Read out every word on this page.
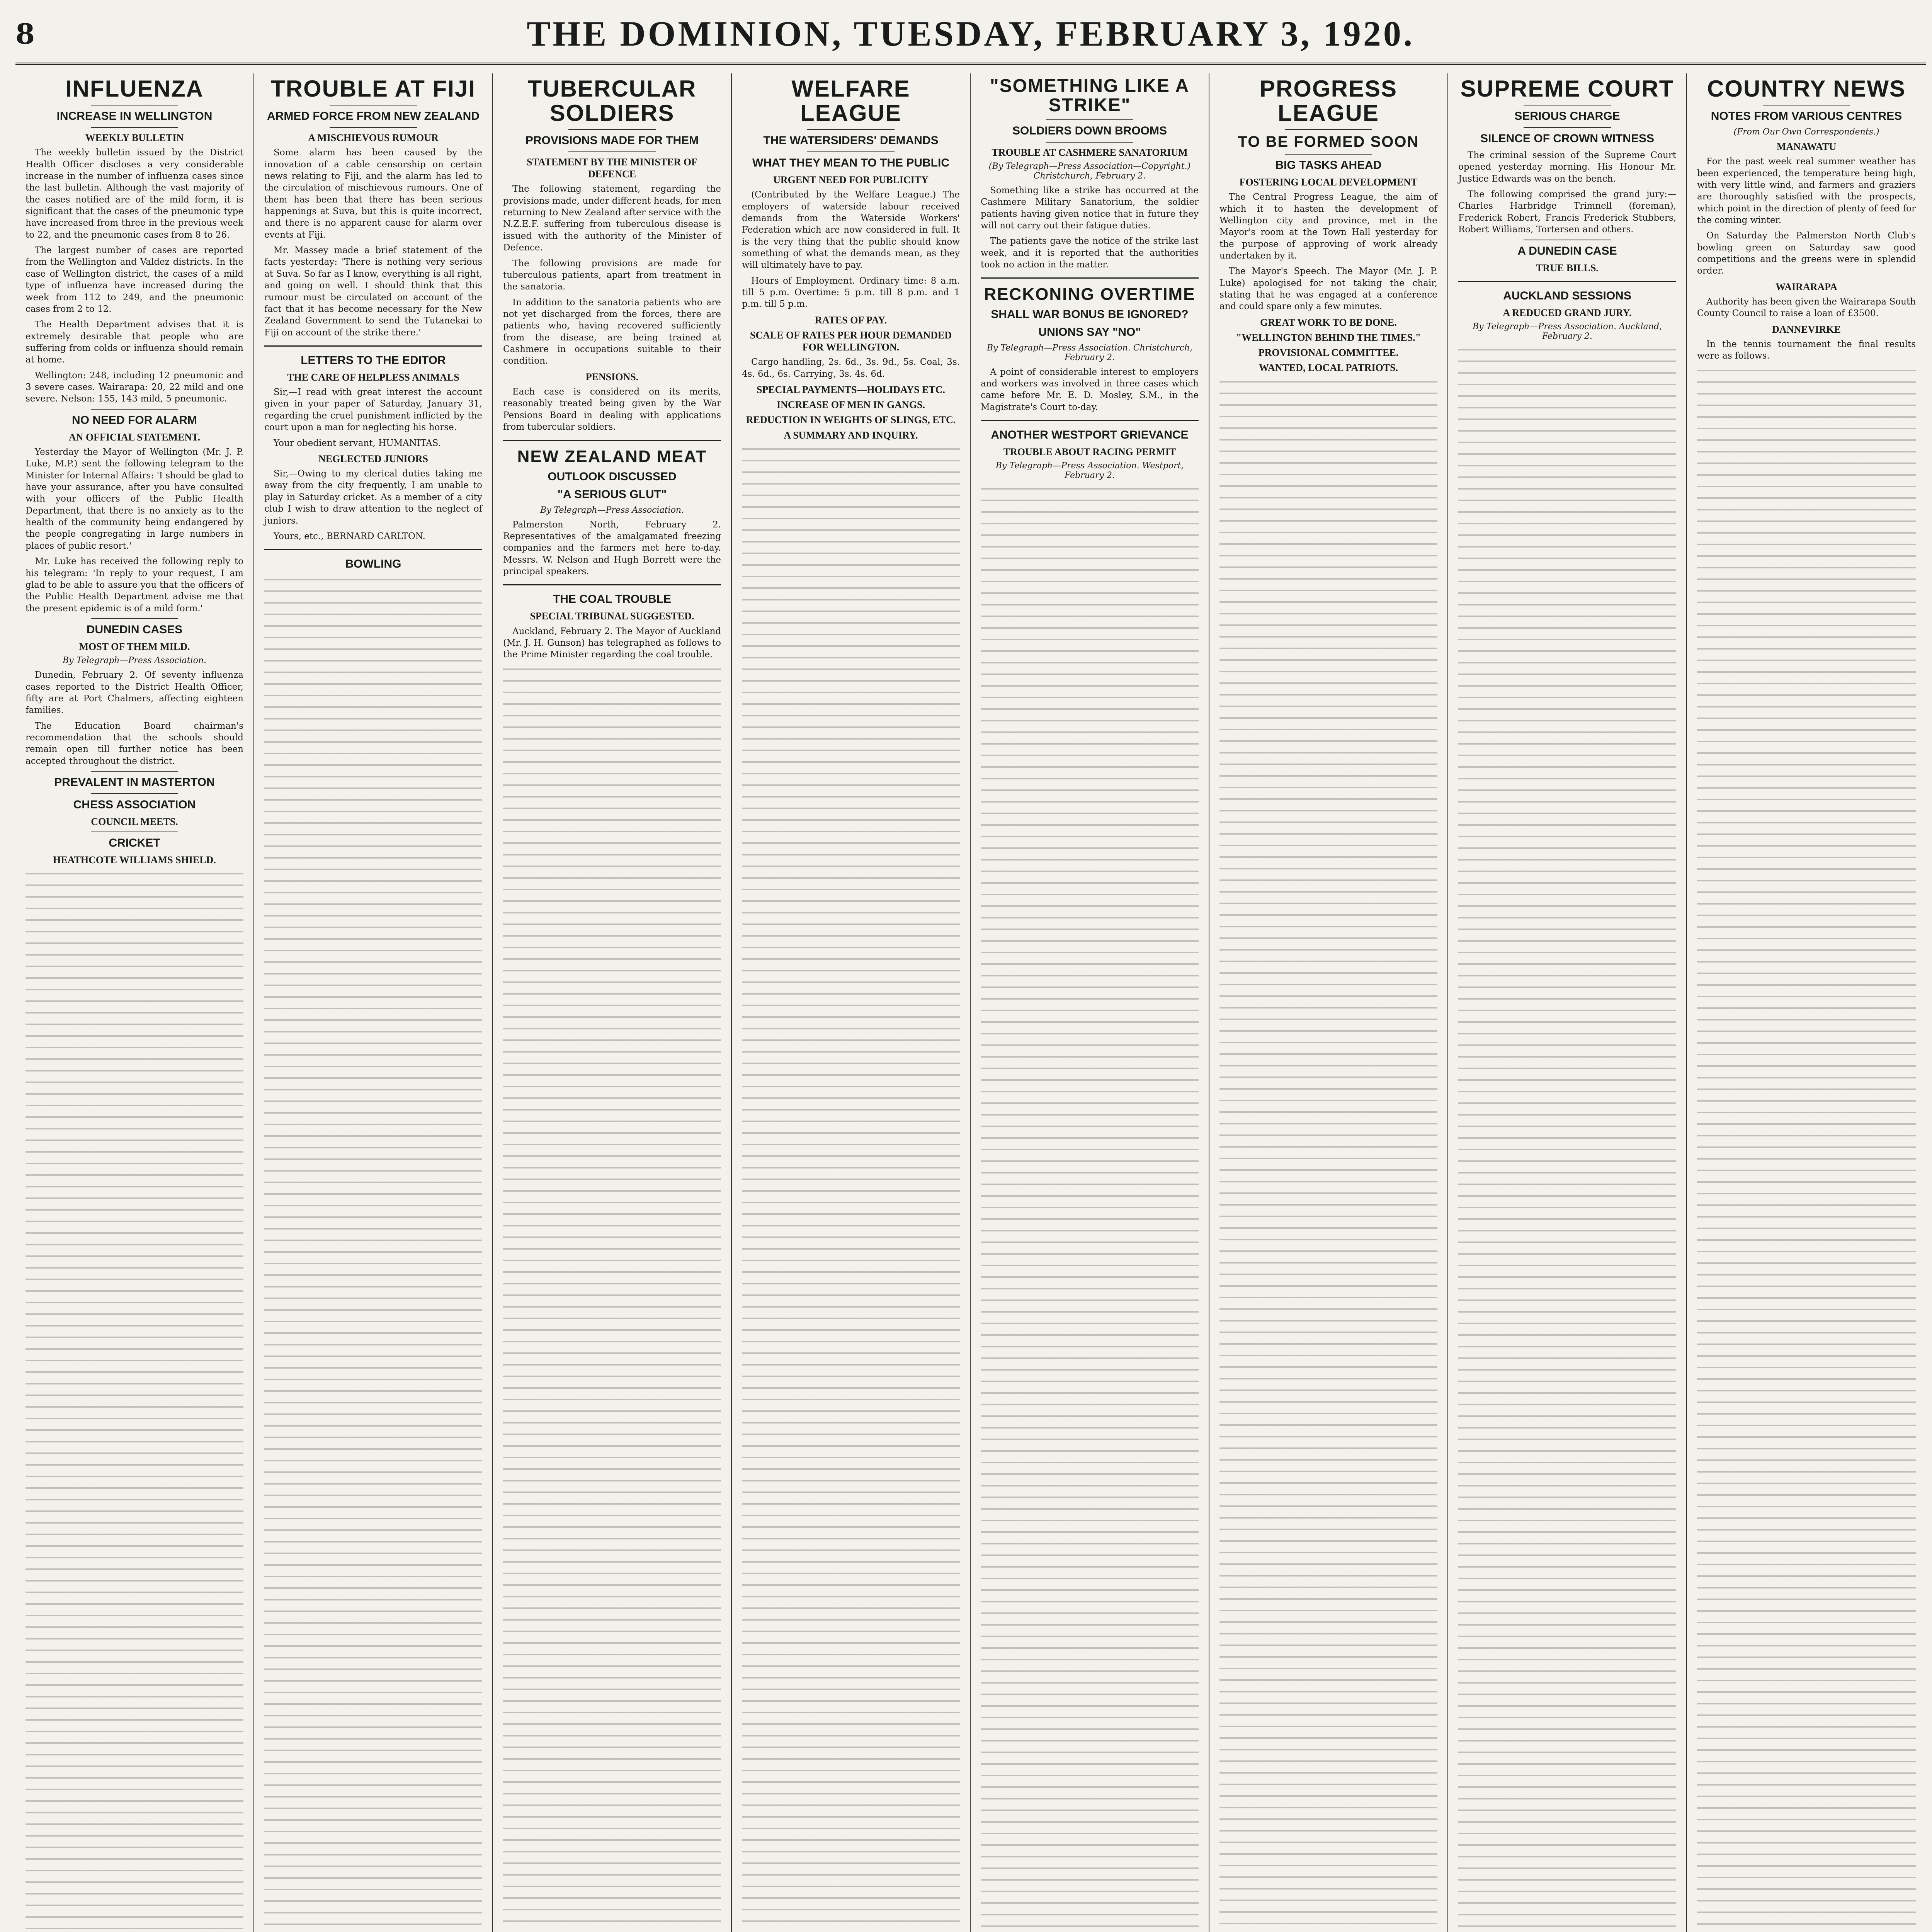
8	THE DOMINION, TUESDAY, FEBRUARY 3, 1920.
INFLUENZA
INCREASE IN WELLINGTON
WEEKLY BULLETIN

The weekly bulletin issued by the District Health Officer discloses a very considerable increase in the number of influenza cases since the last bulletin. Although the vast majority of the cases notified are of the mild form, it is significant that the cases of the pneumonic type have increased from three in the previous week to 22, and the pneumonic cases from 8 to 26.

The largest number of cases are reported from the Wellington and Valdez districts. In the case of Wellington district, the cases of a mild type of influenza have increased during the week from 112 to 249, and the pneumonic cases from 2 to 12.

The Health Department advises that it is extremely desirable that people who are suffering from colds or influenza should remain at home.

Wellington: 248, including 12 pneumonic and 3 severe cases. Wairarapa: 20, 22 mild and one severe. Nelson: 155, 143 mild, 5 pneumonic.

NO NEED FOR ALARM
AN OFFICIAL STATEMENT.

Yesterday the Mayor of Wellington (Mr. J. P. Luke, M.P.) sent the following telegram to the Minister for Internal Affairs: 'I should be glad to have your assurance, after you have consulted with your officers of the Public Health Department, that there is no anxiety as to the health of the community being endangered by the people congregating in large numbers in places of public resort.'

Mr. Luke has received the following reply to his telegram: 'In reply to your request, I am glad to be able to assure you that the officers of the Public Health Department advise me that the present epidemic is of a mild form.'

DUNEDIN CASES
MOST OF THEM MILD.
By Telegraph—Press Association.

Dunedin, February 2. Of seventy influenza cases reported to the District Health Officer, fifty are at Port Chalmers, affecting eighteen families.

The Education Board chairman's recommendation that the schools should remain open till further notice has been accepted throughout the district.

PREVALENT IN MASTERTON
CHESS ASSOCIATION
COUNCIL MEETS.
CRICKET
HEATHCOTE WILLIAMS SHIELD.
TROUBLE AT FIJI
ARMED FORCE FROM NEW ZEALAND
A MISCHIEVOUS RUMOUR

Some alarm has been caused by the innovation of a cable censorship on certain news relating to Fiji, and the alarm has led to the circulation of mischievous rumours. One of them has been that there has been serious happenings at Suva, but this is quite incorrect, and there is no apparent cause for alarm over events at Fiji.

Mr. Massey made a brief statement of the facts yesterday: 'There is nothing very serious at Suva. So far as I know, everything is all right, and going on well. I should think that this rumour must be circulated on account of the fact that it has become necessary for the New Zealand Government to send the Tutanekai to Fiji on account of the strike there.'

LETTERS TO THE EDITOR
THE CARE OF HELPLESS ANIMALS

Sir,—I read with great interest the account given in your paper of Saturday, January 31, regarding the cruel punishment inflicted by the court upon a man for neglecting his horse.

Your obedient servant, HUMANITAS.

NEGLECTED JUNIORS

Sir,—Owing to my clerical duties taking me away from the city frequently, I am unable to play in Saturday cricket. As a member of a city club I wish to draw attention to the neglect of juniors.

Yours, etc., BERNARD CARLTON.

BOWLING
TUBERCULAR SOLDIERS
PROVISIONS MADE FOR THEM
STATEMENT BY THE MINISTER OF DEFENCE

The following statement, regarding the provisions made, under different heads, for men returning to New Zealand after service with the N.Z.E.F. suffering from tuberculous disease is issued with the authority of the Minister of Defence.

The following provisions are made for tuberculous patients, apart from treatment in the sanatoria.

In addition to the sanatoria patients who are not yet discharged from the forces, there are patients who, having recovered sufficiently from the disease, are being trained at Cashmere in occupations suitable to their condition.

PENSIONS.

Each case is considered on its merits, reasonably treated being given by the War Pensions Board in dealing with applications from tubercular soldiers.

NEW ZEALAND MEAT
OUTLOOK DISCUSSED
"A SERIOUS GLUT"
By Telegraph—Press Association.

Palmerston North, February 2. Representatives of the amalgamated freezing companies and the farmers met here to-day. Messrs. W. Nelson and Hugh Borrett were the principal speakers.

THE COAL TROUBLE
SPECIAL TRIBUNAL SUGGESTED.

Auckland, February 2. The Mayor of Auckland (Mr. J. H. Gunson) has telegraphed as follows to the Prime Minister regarding the coal trouble.

WELFARE LEAGUE
THE WATERSIDERS' DEMANDS
WHAT THEY MEAN TO THE PUBLIC
URGENT NEED FOR PUBLICITY

(Contributed by the Welfare League.) The employers of waterside labour received demands from the Waterside Workers' Federation which are now considered in full. It is the very thing that the public should know something of what the demands mean, as they will ultimately have to pay.

Hours of Employment. Ordinary time: 8 a.m. till 5 p.m. Overtime: 5 p.m. till 8 p.m. and 1 p.m. till 5 p.m.

RATES OF PAY.
SCALE OF RATES PER HOUR DEMANDED FOR WELLINGTON.

Cargo handling, 2s. 6d., 3s. 9d., 5s. Coal, 3s. 4s. 6d., 6s. Carrying, 3s. 4s. 6d.

SPECIAL PAYMENTS—HOLIDAYS ETC.
INCREASE OF MEN IN GANGS.
REDUCTION IN WEIGHTS OF SLINGS, ETC.
A SUMMARY AND INQUIRY.
"SOMETHING LIKE A STRIKE"
SOLDIERS DOWN BROOMS
TROUBLE AT CASHMERE SANATORIUM
(By Telegraph—Press Association—Copyright.) Christchurch, February 2.

Something like a strike has occurred at the Cashmere Military Sanatorium, the soldier patients having given notice that in future they will not carry out their fatigue duties.

The patients gave the notice of the strike last week, and it is reported that the authorities took no action in the matter.

RECKONING OVERTIME
SHALL WAR BONUS BE IGNORED?
UNIONS SAY "NO"
By Telegraph—Press Association. Christchurch, February 2.

A point of considerable interest to employers and workers was involved in three cases which came before Mr. E. D. Mosley, S.M., in the Magistrate's Court to-day.

ANOTHER WESTPORT GRIEVANCE
TROUBLE ABOUT RACING PERMIT
By Telegraph—Press Association. Westport, February 2.
PROGRESS LEAGUE
TO BE FORMED SOON
BIG TASKS AHEAD
FOSTERING LOCAL DEVELOPMENT

The Central Progress League, the aim of which it to hasten the development of Wellington city and province, met in the Mayor's room at the Town Hall yesterday for the purpose of approving of work already undertaken by it.

The Mayor's Speech. The Mayor (Mr. J. P. Luke) apologised for not taking the chair, stating that he was engaged at a conference and could spare only a few minutes.

GREAT WORK TO BE DONE.
"WELLINGTON BEHIND THE TIMES."
PROVISIONAL COMMITTEE.
WANTED, LOCAL PATRIOTS.
SUPREME COURT
SERIOUS CHARGE
SILENCE OF CROWN WITNESS

The criminal session of the Supreme Court opened yesterday morning. His Honour Mr. Justice Edwards was on the bench.

The following comprised the grand jury:—Charles Harbridge Trimnell (foreman), Frederick Robert, Francis Frederick Stubbers, Robert Williams, Tortersen and others.

A DUNEDIN CASE
TRUE BILLS.
AUCKLAND SESSIONS
A REDUCED GRAND JURY.
By Telegraph—Press Association. Auckland, February 2.
COUNTRY NEWS
NOTES FROM VARIOUS CENTRES
(From Our Own Correspondents.)
MANAWATU

For the past week real summer weather has been experienced, the temperature being high, with very little wind, and farmers and graziers are thoroughly satisfied with the prospects, which point in the direction of plenty of feed for the coming winter.

On Saturday the Palmerston North Club's bowling green on Saturday saw good competitions and the greens were in splendid order.

WAIRARAPA

Authority has been given the Wairarapa South County Council to raise a loan of £3500.

DANNEVIRKE

In the tennis tournament the final results were as follows.
